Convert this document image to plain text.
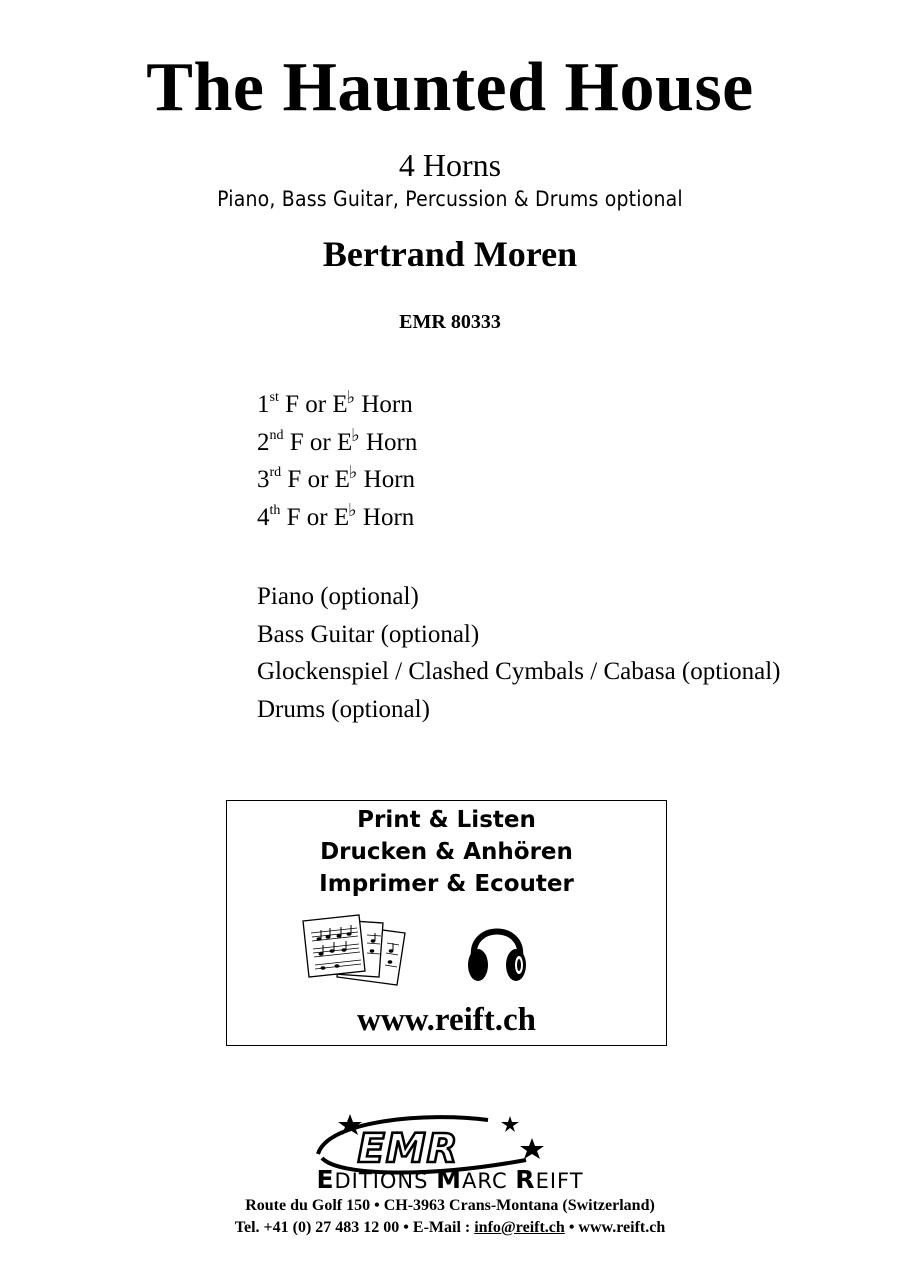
The Haunted House
4 Horns
Piano, Bass Guitar, Percussion & Drums optional
Bertrand Moren
EMR 80333
1st F or E♭ Horn
2nd F or E♭ Horn
3rd F or E♭ Horn
4th F or E♭ Horn
Piano (optional)
Bass Guitar (optional)
Glockenspiel / Clashed Cymbals / Cabasa (optional)
Drums (optional)
Print & Listen
Drucken & Anhören
Imprimer & Ecouter
www.reift.ch
EMR
EDITIONS MARC REIFT
Route du Golf 150 • CH-3963 Crans-Montana (Switzerland)
Tel. +41 (0) 27 483 12 00 • E-Mail : info@reift.ch • www.reift.ch
